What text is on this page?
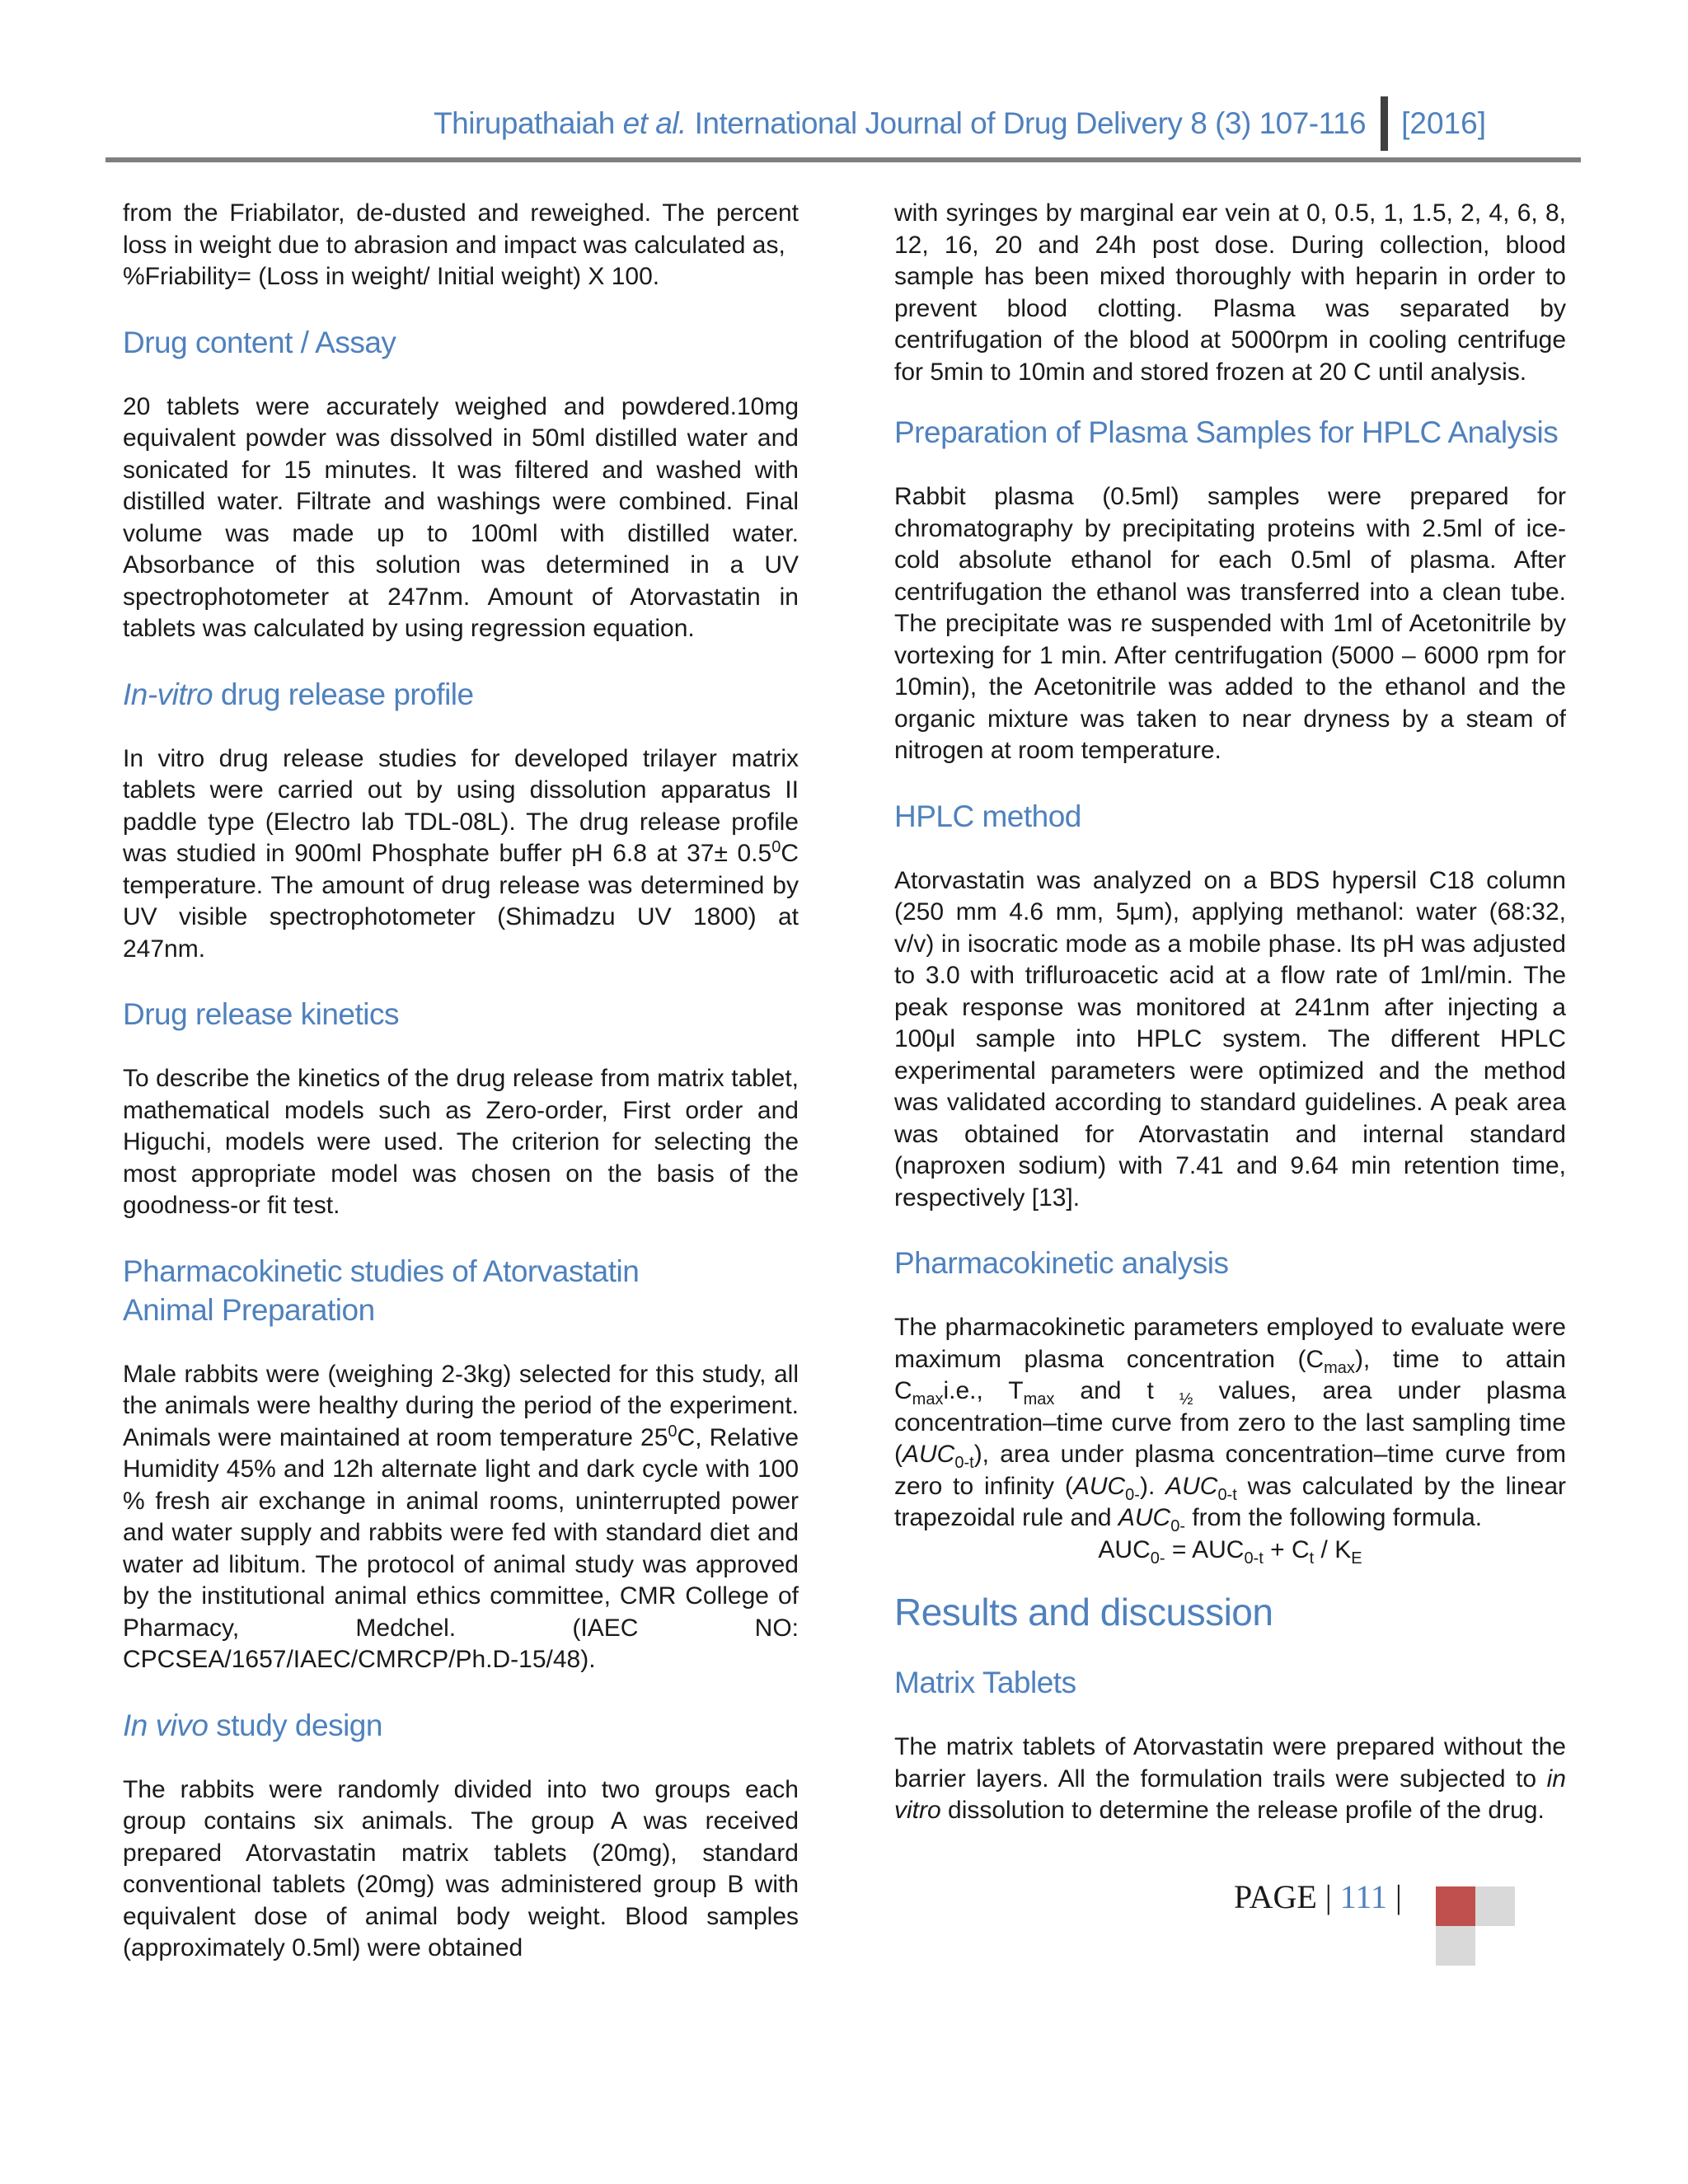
Thirupathaiah et al. International Journal of Drug Delivery 8 (3) 107-116 [2016]

from the Friabilator, de-dusted and reweighed. The percent loss in weight due to abrasion and impact was calculated as,
%Friability= (Loss in weight/ Initial weight) X 100.

Drug content / Assay

20 tablets were accurately weighed and powdered.10mg equivalent powder was dissolved in 50ml distilled water and sonicated for 15 minutes. It was filtered and washed with distilled water. Filtrate and washings were combined. Final volume was made up to 100ml with distilled water. Absorbance of this solution was determined in a UV spectrophotometer at 247nm. Amount of Atorvastatin in tablets was calculated by using regression equation.

In-vitro drug release profile

In vitro drug release studies for developed trilayer matrix tablets were carried out by using dissolution apparatus II paddle type (Electro lab TDL-08L). The drug release profile was studied in 900ml Phosphate buffer pH 6.8 at $37\pm 0.5^0C$ temperature. The amount of drug release was determined by UV visible spectrophotometer (Shimadzu UV 1800) at 247nm.

Drug release kinetics

To describe the kinetics of the drug release from matrix tablet, mathematical models such as Zero-order, First order and Higuchi, models were used. The criterion for selecting the most appropriate model was chosen on the basis of the goodness-or fit test.

Pharmacokinetic studies of Atorvastatin
Animal Preparation

Male rabbits were (weighing 2-3kg) selected for this study, all the animals were healthy during the period of the experiment. Animals were maintained at room temperature $25^0C$, Relative Humidity 45% and 12h alternate light and dark cycle with 100 % fresh air exchange in animal rooms, uninterrupted power and water supply and rabbits were fed with standard diet and water ad libitum. The protocol of animal study was approved by the institutional animal ethics committee, CMR College of Pharmacy, Medchel. (IAEC NO: CPCSEA/1657/IAEC/CMRCP/Ph.D-15/48).

In vivo study design

The rabbits were randomly divided into two groups each group contains six animals. The group A was received prepared Atorvastatin matrix tablets (20mg), standard conventional tablets (20mg) was administered group B with equivalent dose of animal body weight. Blood samples (approximately 0.5ml) were obtained

with syringes by marginal ear vein at 0, 0.5, 1, 1.5, 2, 4, 6, 8, 12, 16, 20 and 24h post dose. During collection, blood sample has been mixed thoroughly with heparin in order to prevent blood clotting. Plasma was separated by centrifugation of the blood at 5000rpm in cooling centrifuge for 5min to 10min and stored frozen at 20 C until analysis.

Preparation of Plasma Samples for HPLC Analysis

Rabbit plasma (0.5ml) samples were prepared for chromatography by precipitating proteins with 2.5ml of ice-cold absolute ethanol for each 0.5ml of plasma. After centrifugation the ethanol was transferred into a clean tube. The precipitate was re suspended with 1ml of Acetonitrile by vortexing for 1 min. After centrifugation (5000 – 6000 rpm for 10min), the Acetonitrile was added to the ethanol and the organic mixture was taken to near dryness by a steam of nitrogen at room temperature.

HPLC method

Atorvastatin was analyzed on a BDS hypersil C18 column (250 mm 4.6 mm, 5μm), applying methanol: water (68:32, v/v) in isocratic mode as a mobile phase. Its pH was adjusted to 3.0 with trifluroacetic acid at a flow rate of 1ml/min. The peak response was monitored at 241nm after injecting a 100μl sample into HPLC system. The different HPLC experimental parameters were optimized and the method was validated according to standard guidelines. A peak area was obtained for Atorvastatin and internal standard (naproxen sodium) with 7.41 and 9.64 min retention time, respectively [13].

Pharmacokinetic analysis

The pharmacokinetic parameters employed to evaluate were maximum plasma concentration $(C_{max})$, time to attain $C_{max}i.e$., $T_{max}$ and t $_{\frac{1}{2}}$ values, area under plasma concentration–time curve from zero to the last sampling time $(AUC_{0-t})$, area under plasma concentration–time curve from zero to infinity $(AUC_{0-})$. $AUC_{0-t}$ was calculated by the linear trapezoidal rule and $AUC_{0-}$ from the following formula.

$AUC_{0-} = AUC_{0-t} + C_t / K_E$

Results and discussion
Matrix Tablets

The matrix tablets of Atorvastatin were prepared without the barrier layers. All the formulation trails were subjected to in vitro dissolution to determine the release profile of the drug.

PAGE | 111 |
